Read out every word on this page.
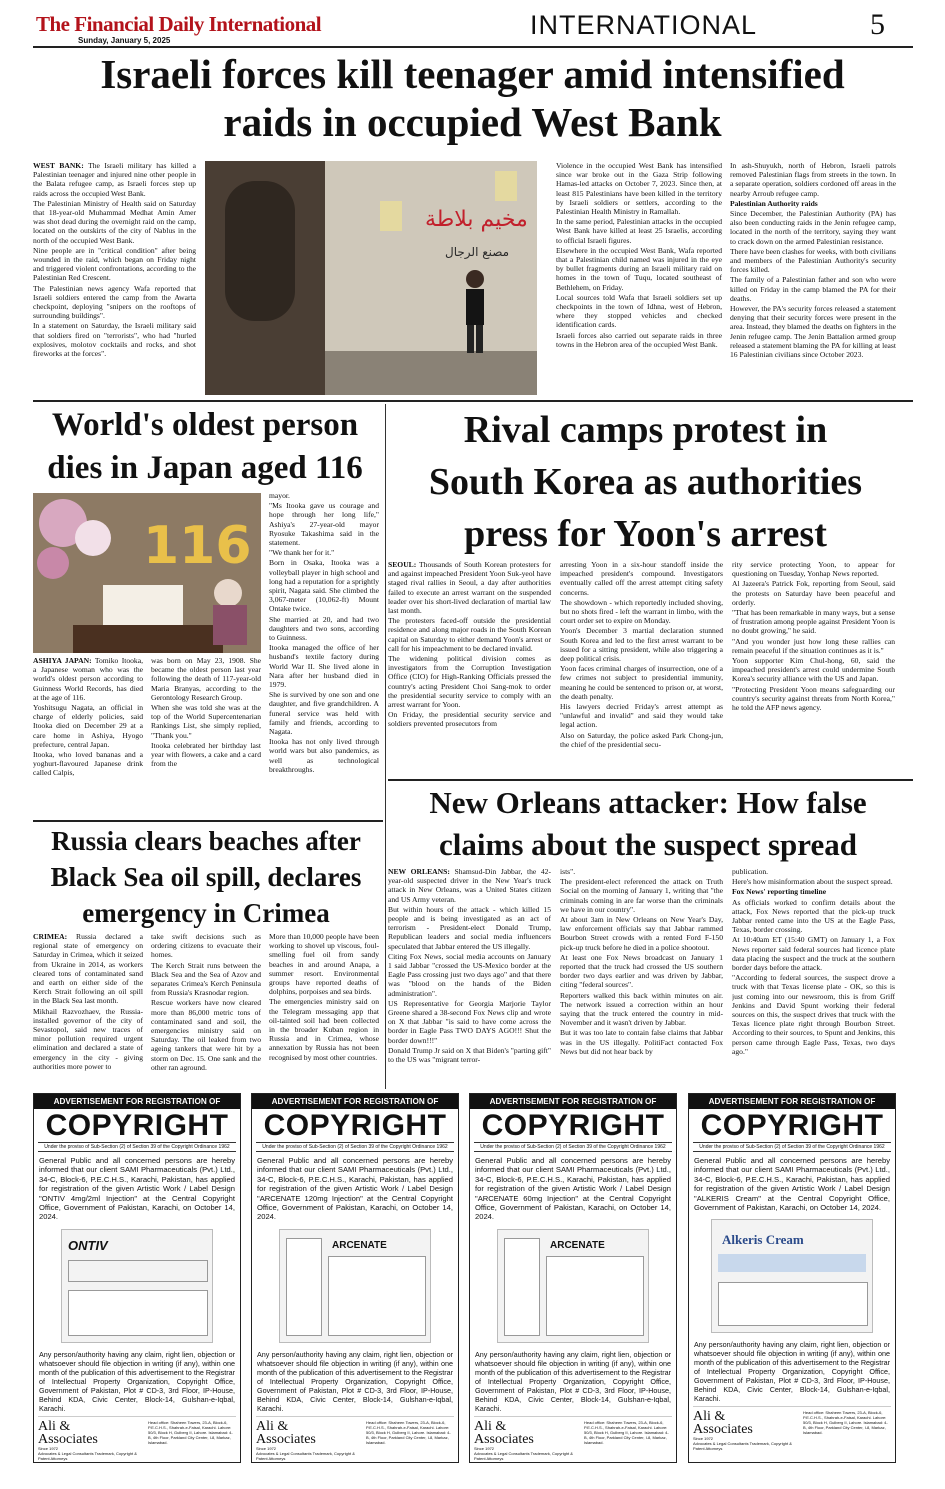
The Financial Daily International
Sunday, January 5, 2025
INTERNATIONAL	5
Israeli forces kill teenager amid intensified
raids in occupied West Bank

WEST BANK: The Israeli military has killed a Palestinian teenager and injured nine other people in the Balata refugee camp, as Israeli forces step up raids across the occupied West Bank.

The Palestinian Ministry of Health said on Saturday that 18-year-old Muhammad Medhat Amin Amer was shot dead during the overnight raid on the camp, located on the outskirts of the city of Nablus in the north of the occupied West Bank.

Nine people are in "critical condition" after being wounded in the raid, which began on Friday night and triggered violent confrontations, according to the Palestinian Red Crescent.

The Palestinian news agency Wafa reported that Israeli soldiers entered the camp from the Awarta checkpoint, deploying "snipers on the rooftops of surrounding buildings".

In a statement on Saturday, the Israeli military said that soldiers fired on "terrorists", who had "hurled explosives, molotov cocktails and rocks, and shot fireworks at the forces".

مخيم بلاطة
مصنع الرجال

Violence in the occupied West Bank has intensified since war broke out in the Gaza Strip following Hamas-led attacks on October 7, 2023. Since then, at least 815 Palestinians have been killed in the territory by Israeli soldiers or settlers, according to the Palestinian Health Ministry in Ramallah.

In the same period, Palestinian attacks in the occupied West Bank have killed at least 25 Israelis, according to official Israeli figures.

Elsewhere in the occupied West Bank, Wafa reported that a Palestinian child named was injured in the eye by bullet fragments during an Israeli military raid on homes in the town of Tuqu, located southeast of Bethlehem, on Friday.

Local sources told Wafa that Israeli soldiers set up checkpoints in the town of Idhna, west of Hebron, where they stopped vehicles and checked identification cards.

Israeli forces also carried out separate raids in three towns in the Hebron area of the occupied West Bank.

In ash-Shuyukh, north of Hebron, Israeli patrols removed Palestinian flags from streets in the town. In a separate operation, soldiers cordoned off areas in the nearby Arroub refugee camp.

Palestinian Authority raids

Since December, the Palestinian Authority (PA) has also been conducting raids in the Jenin refugee camp, located in the north of the territory, saying they want to crack down on the armed Palestinian resistance.

There have been clashes for weeks, with both civilians and members of the Palestinian Authority's security forces killed.

The family of a Palestinian father and son who were killed on Friday in the camp blamed the PA for their deaths.

However, the PA's security forces released a statement denying that their security forces were present in the area. Instead, they blamed the deaths on fighters in the Jenin refugee camp. The Jenin Battalion armed group released a statement blaming the PA for killing at least 16 Palestinian civilians since October 2023.

World's oldest person
dies in Japan aged 116
116

ASHIYA JAPAN: Tomiko Itooka, a Japanese woman who was the world's oldest person according to Guinness World Records, has died at the age of 116.

Yoshitsugu Nagata, an official in charge of elderly policies, said Itooka died on December 29 at a care home in Ashiya, Hyogo prefecture, central Japan.

Itooka, who loved bananas and a yoghurt-flavoured Japanese drink called Calpis,

was born on May 23, 1908. She became the oldest person last year following the death of 117-year-old Maria Branyas, according to the Gerontology Research Group.

When she was told she was at the top of the World Supercentenarian Rankings List, she simply replied, "Thank you."

Itooka celebrated her birthday last year with flowers, a cake and a card from the

mayor.

"Ms Itooka gave us courage and hope through her long life," Ashiya's 27-year-old mayor Ryosuke Takashima said in the statement.

"We thank her for it."

Born in Osaka, Itooka was a volleyball player in high school and long had a reputation for a sprightly spirit, Nagata said. She climbed the 3,067-meter (10,062-ft) Mount Ontake twice.

She married at 20, and had two daughters and two sons, according to Guinness.

Itooka managed the office of her husband's textile factory during World War II. She lived alone in Nara after her husband died in 1979.

She is survived by one son and one daughter, and five grandchildren. A funeral service was held with family and friends, according to Nagata.

Itooka has not only lived through world wars but also pandemics, as well as technological breakthroughs.

Rival camps protest in
South Korea as authorities
press for Yoon's arrest

SEOUL: Thousands of South Korean protesters for and against impeached President Yoon Suk-yeol have staged rival rallies in Seoul, a day after authorities failed to execute an arrest warrant on the suspended leader over his short-lived declaration of martial law last month.

The protesters faced-off outside the presidential residence and along major roads in the South Korean capital on Saturday to either demand Yoon's arrest or call for his impeachment to be declared invalid.

The widening political division comes as investigators from the Corruption Investigation Office (CIO) for High-Ranking Officials pressed the country's acting President Choi Sang-mok to order the presidential security service to comply with an arrest warrant for Yoon.

On Friday, the presidential security service and soldiers prevented prosecutors from

arresting Yoon in a six-hour standoff inside the impeached president's compound. Investigators eventually called off the arrest attempt citing safety concerns.

The showdown - which reportedly included shoving, but no shots fired - left the warrant in limbo, with the court order set to expire on Monday.

Yoon's December 3 martial declaration stunned South Korea and led to the first arrest warrant to be issued for a sitting president, while also triggering a deep political crisis.

Yoon faces criminal charges of insurrection, one of a few crimes not subject to presidential immunity, meaning he could be sentenced to prison or, at worst, the death penalty.

His lawyers decried Friday's arrest attempt as "unlawful and invalid" and said they would take legal action.

Also on Saturday, the police asked Park Chong-jun, the chief of the presidential secu-

rity service protecting Yoon, to appear for questioning on Tuesday, Yonhap News reported.

Al Jazeera's Patrick Fok, reporting from Seoul, said the protests on Saturday have been peaceful and orderly.

"That has been remarkable in many ways, but a sense of frustration among people against President Yoon is no doubt growing," he said.

"And you wonder just how long these rallies can remain peaceful if the situation continues as it is."

Yoon supporter Kim Chul-hong, 60, said the impeached president's arrest could undermine South Korea's security alliance with the US and Japan.

"Protecting President Yoon means safeguarding our country's security against threats from North Korea," he told the AFP news agency.

Russia clears beaches after
Black Sea oil spill, declares
emergency in Crimea

CRIMEA: Russia declared a regional state of emergency on Saturday in Crimea, which it seized from Ukraine in 2014, as workers cleared tons of contaminated sand and earth on either side of the Kerch Strait following an oil spill in the Black Sea last month.

Mikhail Razvozhaev, the Russia-installed governor of the city of Sevastopol, said new traces of minor pollution required urgent elimination and declared a state of emergency in the city - giving authorities more power to

take swift decisions such as ordering citizens to evacuate their homes.

The Kerch Strait runs between the Black Sea and the Sea of Azov and separates Crimea's Kerch Peninsula from Russia's Krasnodar region.

Rescue workers have now cleared more than 86,000 metric tons of contaminated sand and soil, the emergencies ministry said on Saturday. The oil leaked from two ageing tankers that were hit by a storm on Dec. 15. One sank and the other ran aground.

More than 10,000 people have been working to shovel up viscous, foul-smelling fuel oil from sandy beaches in and around Anapa, a summer resort. Environmental groups have reported deaths of dolphins, porpoises and sea birds.

The emergencies ministry said on the Telegram messaging app that oil-tainted soil had been collected in the broader Kuban region in Russia and in Crimea, whose annexation by Russia has not been recognised by most other countries.

New Orleans attacker: How false
claims about the suspect spread

NEW ORLEANS: Shamsud-Din Jabbar, the 42-year-old suspected driver in the New Year's truck attack in New Orleans, was a United States citizen and US Army veteran.

But within hours of the attack - which killed 15 people and is being investigated as an act of terrorism - President-elect Donald Trump, Republican leaders and social media influencers speculated that Jabbar entered the US illegally.

Citing Fox News, social media accounts on January 1 said Jabbar "crossed the US-Mexico border at the Eagle Pass crossing just two days ago" and that there was "blood on the hands of the Biden administration".

US Representative for Georgia Marjorie Taylor Greene shared a 38-second Fox News clip and wrote on X that Jabbar "is said to have come across the border in Eagle Pass TWO DAYS AGO!!! Shut the border down!!!"

Donald Trump Jr said on X that Biden's "parting gift" to the US was "migrant terror-

ists".

The president-elect referenced the attack on Truth Social on the morning of January 1, writing that "the criminals coming in are far worse than the criminals we have in our country".

At about 3am in New Orleans on New Year's Day, law enforcement officials say that Jabbar rammed Bourbon Street crowds with a rented Ford F-150 pick-up truck before he died in a police shootout.

At least one Fox News broadcast on January 1 reported that the truck had crossed the US southern border two days earlier and was driven by Jabbar, citing "federal sources".

Reporters walked this back within minutes on air. The network issued a correction within an hour saying that the truck entered the country in mid-November and it wasn't driven by Jabbar.

But it was too late to contain false claims that Jabbar was in the US illegally. PolitiFact contacted Fox News but did not hear back by

publication.

Here's how misinformation about the suspect spread.

Fox News' reporting timeline

As officials worked to confirm details about the attack, Fox News reported that the pick-up truck Jabbar rented came into the US at the Eagle Pass, Texas, border crossing.

At 10:40am ET (15:40 GMT) on January 1, a Fox News reporter said federal sources had licence plate data placing the suspect and the truck at the southern border days before the attack.

"According to federal sources, the suspect drove a truck with that Texas license plate - OK, so this is just coming into our newsroom, this is from Griff Jenkins and David Spunt working their federal sources on this, the suspect drives that truck with the Texas licence plate right through Bourbon Street. According to their sources, to Spunt and Jenkins, this person came through Eagle Pass, Texas, two days ago."

ADVERTISEMENT FOR REGISTRATION OF
COPYRIGHT
Under the proviso of Sub-Section (2) of Section 39 of the Copyright Ordinance 1962
General Public and all concerned persons are hereby informed that our client SAMI Pharmaceuticals (Pvt.) Ltd., 34-C, Block-6, P.E.C.H.S., Karachi, Pakistan, has applied for registration of the given Artistic Work / Label Design "ONTIV 4mg/2ml Injection" at the Central Copyright Office, Government of Pakistan, Karachi, on October 14, 2024.
ONTIV
Any person/authority having any claim, right lien, objection or whatsoever should file objection in writing (if any), within one month of the publication of this advertisement to the Registrar of Intellectual Property Organization, Copyright Office, Government of Pakistan, Plot # CD-3, 3rd Floor, IP-House, Behind KDA, Civic Center, Block-14, Gulshan-e-Iqbal, Karachi.
Ali &
Associates
Since 1972
Advocates & Legal Consultants Trademark, Copyright & Patent Attorneys
Head office: Shaheen Towers, 23-A, Block-6, P.E.C.H.S., Shahrah-e-Faisal, Karachi. Lahore: 50/3, Block H, Gulberg II, Lahore. Islamabad: 4-B, 4th Floor, Parkland City Center, I-8, Markaz, Islamabad.
ADVERTISEMENT FOR REGISTRATION OF
COPYRIGHT
Under the proviso of Sub-Section (2) of Section 39 of the Copyright Ordinance 1962
General Public and all concerned persons are hereby informed that our client SAMI Pharmaceuticals (Pvt.) Ltd., 34-C, Block-6, P.E.C.H.S., Karachi, Pakistan, has applied for registration of the given Artistic Work / Label Design "ARCENATE 120mg Injection" at the Central Copyright Office, Government of Pakistan, Karachi, on October 14, 2024.
ARCENATE
Any person/authority having any claim, right lien, objection or whatsoever should file objection in writing (if any), within one month of the publication of this advertisement to the Registrar of Intellectual Property Organization, Copyright Office, Government of Pakistan, Plot # CD-3, 3rd Floor, IP-House, Behind KDA, Civic Center, Block-14, Gulshan-e-Iqbal, Karachi.
Ali &
Associates
Since 1972
Advocates & Legal Consultants Trademark, Copyright & Patent Attorneys
Head office: Shaheen Towers, 23-A, Block-6, P.E.C.H.S., Shahrah-e-Faisal, Karachi. Lahore: 50/3, Block H, Gulberg II, Lahore. Islamabad: 4-B, 4th Floor, Parkland City Center, I-8, Markaz, Islamabad.
ADVERTISEMENT FOR REGISTRATION OF
COPYRIGHT
Under the proviso of Sub-Section (2) of Section 39 of the Copyright Ordinance 1962
General Public and all concerned persons are hereby informed that our client SAMI Pharmaceuticals (Pvt.) Ltd., 34-C, Block-6, P.E.C.H.S., Karachi, Pakistan, has applied for registration of the given Artistic Work / Label Design "ARCENATE 60mg Injection" at the Central Copyright Office, Government of Pakistan, Karachi, on October 14, 2024.
ARCENATE
Any person/authority having any claim, right lien, objection or whatsoever should file objection in writing (if any), within one month of the publication of this advertisement to the Registrar of Intellectual Property Organization, Copyright Office, Government of Pakistan, Plot # CD-3, 3rd Floor, IP-House, Behind KDA, Civic Center, Block-14, Gulshan-e-Iqbal, Karachi.
Ali &
Associates
Since 1972
Advocates & Legal Consultants Trademark, Copyright & Patent Attorneys
Head office: Shaheen Towers, 23-A, Block-6, P.E.C.H.S., Shahrah-e-Faisal, Karachi. Lahore: 50/3, Block H, Gulberg II, Lahore. Islamabad: 4-B, 4th Floor, Parkland City Center, I-8, Markaz, Islamabad.
ADVERTISEMENT FOR REGISTRATION OF
COPYRIGHT
Under the proviso of Sub-Section (2) of Section 39 of the Copyright Ordinance 1962
General Public and all concerned persons are hereby informed that our client SAMI Pharmaceuticals (Pvt.) Ltd., 34-C, Block-6, P.E.C.H.S., Karachi, Pakistan, has applied for registration of the given Artistic Work / Label Design "ALKERIS Cream" at the Central Copyright Office, Government of Pakistan, Karachi, on October 14, 2024.
Alkeris Cream
Any person/authority having any claim, right lien, objection or whatsoever should file objection in writing (if any), within one month of the publication of this advertisement to the Registrar of Intellectual Property Organization, Copyright Office, Government of Pakistan, Plot # CD-3, 3rd Floor, IP-House, Behind KDA, Civic Center, Block-14, Gulshan-e-Iqbal, Karachi.
Ali &
Associates
Since 1972
Advocates & Legal Consultants Trademark, Copyright & Patent Attorneys
Head office: Shaheen Towers, 23-A, Block-6, P.E.C.H.S., Shahrah-e-Faisal, Karachi. Lahore: 50/3, Block H, Gulberg II, Lahore. Islamabad: 4-B, 4th Floor, Parkland City Center, I-8, Markaz, Islamabad.
